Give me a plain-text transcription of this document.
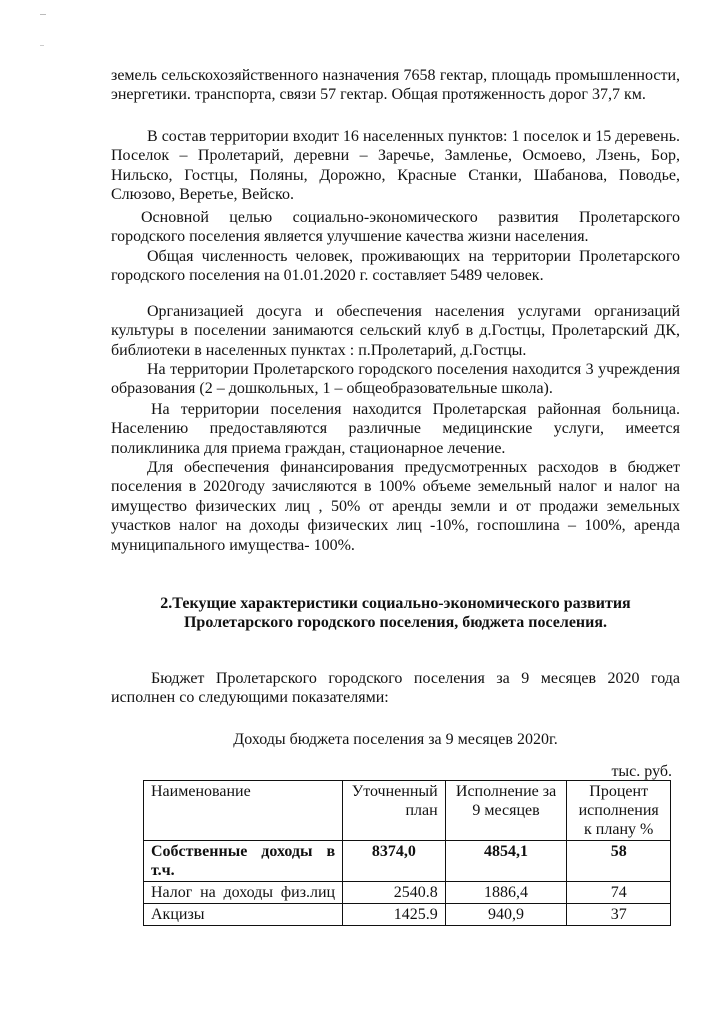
земель сельскохозяйственного назначения 7658 гектар, площадь промышленности, энергетики. транспорта, связи 57 гектар. Общая протяженность дорог 37,7 км.

В состав территории входит 16 населенных пунктов: 1 поселок и 15 деревень. Поселок – Пролетарий, деревни – Заречье, Замленье, Осмоево, Лзень, Бор, Нильско, Гостцы, Поляны, Дорожно, Красные Станки, Шабанова, Поводье, Слюзово, Веретье, Вейско.

Основной целью социально-экономического развития Пролетарского городского поселения является улучшение качества жизни населения.

Общая численность человек, проживающих на территории Пролетарского городского поселения на 01.01.2020 г. составляет 5489 человек.

Организацией досуга и обеспечения населения услугами организаций культуры в поселении занимаются сельский клуб в д.Гостцы, Пролетарский ДК, библиотеки в населенных пунктах : п.Пролетарий, д.Гостцы.

На территории Пролетарского городского поселения находится 3 учреждения образования (2 – дошкольных, 1 – общеобразовательные школа).

На территории поселения находится Пролетарская районная больница. Населению предоставляются различные медицинские услуги, имеется поликлиника для приема граждан, стационарное лечение.

Для обеспечения финансирования предусмотренных расходов в бюджет поселения в 2020году зачисляются в 100% объеме земельный налог и налог на имущество физических лиц , 50% от аренды земли и от продажи земельных участков налог на доходы физических лиц -10%, госпошлина – 100%, аренда муниципального имущества- 100%.

2.Текущие характеристики социально-экономического развития
Пролетарского городского поселения, бюджета поселения.

Бюджет Пролетарского городского поселения за 9 месяцев 2020 года исполнен со следующими показателями:

Доходы бюджета поселения за 9 месяцев 2020г.
тыс. руб.
Наименование	Уточненный план	Исполнение за 9 месяцев	Процент исполнения к плану %
Собственные доходы в т.ч.	8374,0	4854,1	58
Налог на доходы физ.лиц	2540.8	1886,4	74
Акцизы	1425.9	940,9	37
